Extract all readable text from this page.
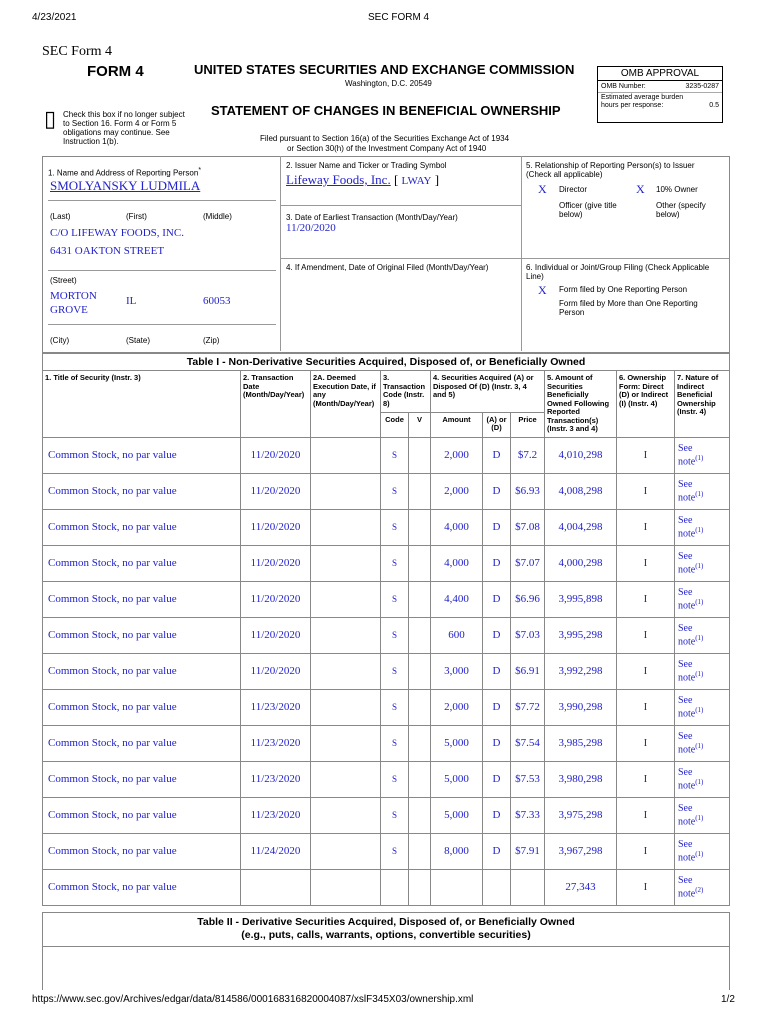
4/23/2021	SEC FORM 4
SEC Form 4
FORM 4	UNITED STATES SECURITIES AND EXCHANGE COMMISSION
Washington, D.C. 20549
STATEMENT OF CHANGES IN BENEFICIAL OWNERSHIP
Filed pursuant to Section 16(a) of the Securities Exchange Act of 1934
or Section 30(h) of the Investment Company Act of 1940
▯ Check this box if no longer subject to Section 16. Form 4 or Form 5 obligations may continue. See Instruction 1(b).
OMB APPROVAL
OMB Number:	3235-0287
Estimated average burden
hours per response:	0.5
1. Name and Address of Reporting Person*
SMOLYANSKY LUDMILA
(Last)	(First)	(Middle)
C/O LIFEWAY FOODS, INC.
6431 OAKTON STREET
(Street)
MORTON GROVE
IL	60053
(City)	(State)	(Zip)
2. Issuer Name and Ticker or Trading Symbol
Lifeway Foods, Inc. [ LWAY ]
3. Date of Earliest Transaction (Month/Day/Year)
11/20/2020
4. If Amendment, Date of Original Filed (Month/Day/Year)
5. Relationship of Reporting Person(s) to Issuer (Check all applicable)
X Director	X 10% Owner
Officer (give title below)
Other (specify below)
6. Individual or Joint/Group Filing (Check Applicable Line)
X Form filed by One Reporting Person
Form filed by More than One Reporting Person
Table I - Non-Derivative Securities Acquired, Disposed of, or Beneficially Owned
1. Title of Security (Instr. 3)	2. Transaction Date (Month/Day/Year)	2A. Deemed Execution Date, if any (Month/Day/Year)	3. Transaction Code (Instr. 8)		4. Securities Acquired (A) or Disposed Of (D) (Instr. 3, 4 and 5)			5. Amount of Securities Beneficially Owned Following Reported Transaction(s) (Instr. 3 and 4)	6. Ownership Form: Direct (D) or Indirect (I) (Instr. 4)	7. Nature of Indirect Beneficial Ownership (Instr. 4)
			Code	V	Amount	(A) or (D)	Price			
Common Stock, no par value	11/20/2020		S		2,000	D	$7.2	4,010,298	I	See
note$^{(1)}$
Common Stock, no par value	11/20/2020		S		2,000	D	$6.93	4,008,298	I	See
note$^{(1)}$
Common Stock, no par value	11/20/2020		S		4,000	D	$7.08	4,004,298	I	See
note$^{(1)}$
Common Stock, no par value	11/20/2020		S		4,000	D	$7.07	4,000,298	I	See
note$^{(1)}$
Common Stock, no par value	11/20/2020		S		4,400	D	$6.96	3,995,898	I	See
note$^{(1)}$
Common Stock, no par value	11/20/2020		S		600	D	$7.03	3,995,298	I	See
note$^{(1)}$
Common Stock, no par value	11/20/2020		S		3,000	D	$6.91	3,992,298	I	See
note$^{(1)}$
Common Stock, no par value	11/23/2020		S		2,000	D	$7.72	3,990,298	I	See
note$^{(1)}$
Common Stock, no par value	11/23/2020		S		5,000	D	$7.54	3,985,298	I	See
note$^{(1)}$
Common Stock, no par value	11/23/2020		S		5,000	D	$7.53	3,980,298	I	See
note$^{(1)}$
Common Stock, no par value	11/23/2020		S		5,000	D	$7.33	3,975,298	I	See
note$^{(1)}$
Common Stock, no par value	11/24/2020		S		8,000	D	$7.91	3,967,298	I	See
note$^{(1)}$
Common Stock, no par value								27,343	I	See
note$^{(2)}$
Table II - Derivative Securities Acquired, Disposed of, or Beneficially Owned
(e.g., puts, calls, warrants, options, convertible securities)
https://www.sec.gov/Archives/edgar/data/814586/000168316820004087/xslF345X03/ownership.xml	1/2
